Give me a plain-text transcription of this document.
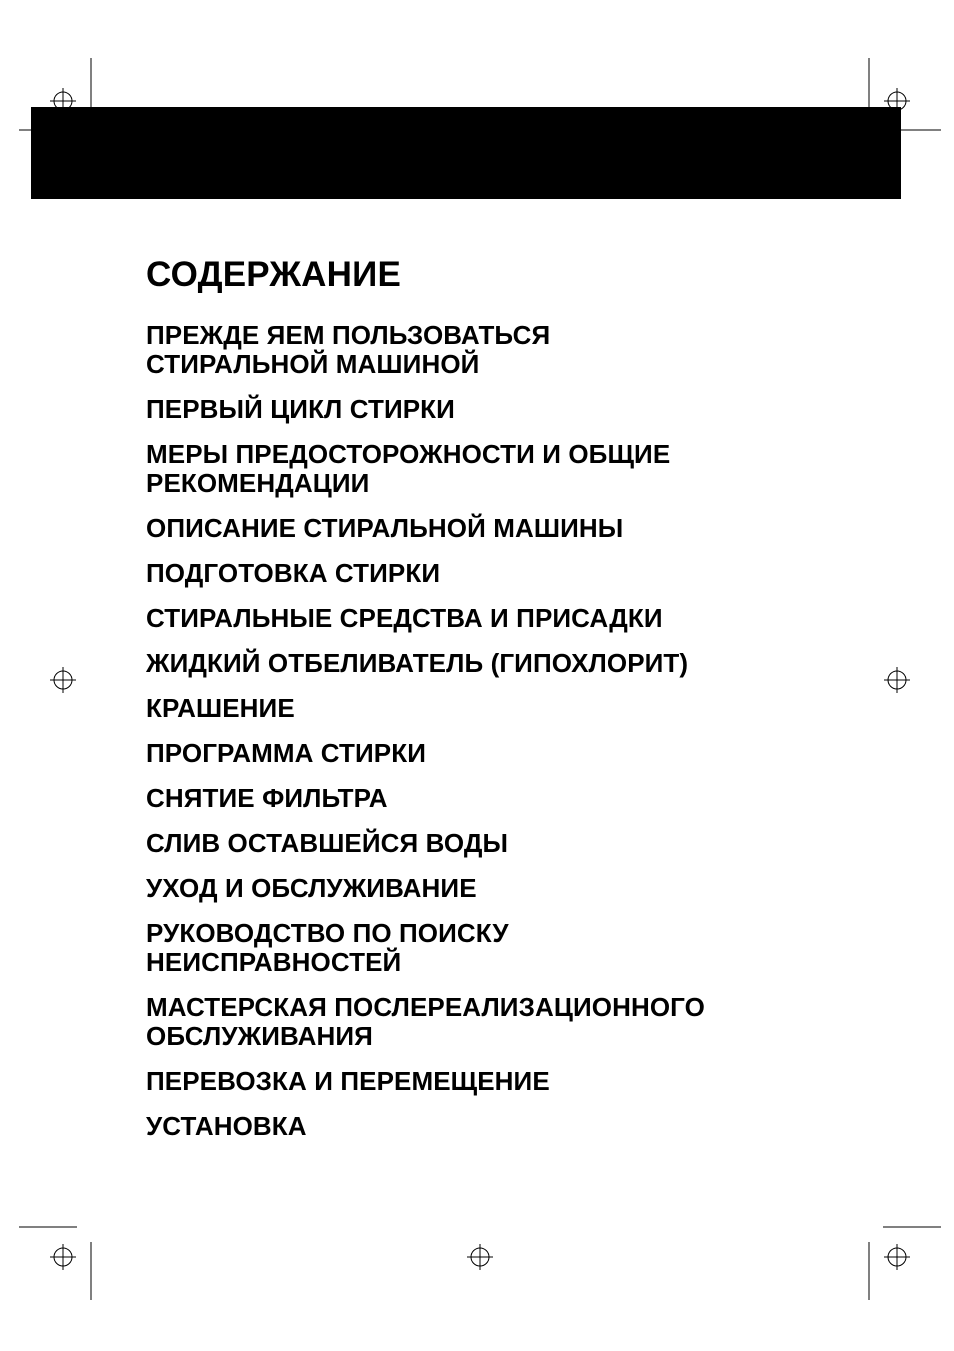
СОДЕРЖАНИЕ
ПРЕЖДЕ ЯЕМ ПОЛЬЗОВАТЬСЯ
СТИРАЛЬНОЙ МАШИНОЙ
ПЕРВЫЙ ЦИКЛ СТИРКИ
МЕРЫ ПРЕДОСТОРОЖНОСТИ И ОБЩИЕ
РЕКОМЕНДАЦИИ
ОПИСАНИЕ СТИРАЛЬНОЙ МАШИНЫ
ПОДГОТОВКА СТИРКИ
СТИРАЛЬНЫЕ СРЕДСТВА И ПРИСАДКИ
ЖИДКИЙ ОТБЕЛИВАТЕЛЬ (ГИПОХЛОРИТ)
КРАШЕНИЕ
ПРОГРАММА СТИРКИ
СНЯТИЕ ФИЛЬТРА
СЛИВ ОСТАВШЕЙСЯ ВОДЫ
УХОД И ОБСЛУЖИВАНИЕ
РУКОВОДСТВО ПО ПОИСКУ
НЕИСПРАВНОСТЕЙ
МАСТЕРСКАЯ ПОСЛЕРЕАЛИЗАЦИОННОГО
ОБСЛУЖИВАНИЯ
ПЕРЕВОЗКА И ПЕРЕМЕЩЕНИЕ
УСТАНОВКА
